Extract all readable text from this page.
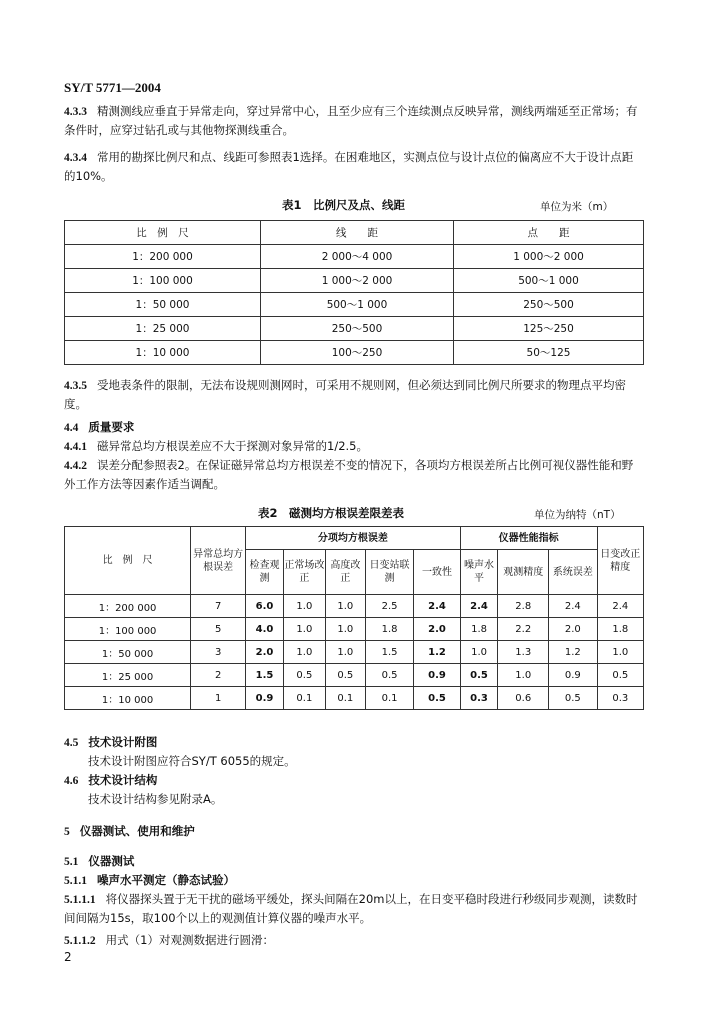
SY/T 5771—2004
4.3.3 精测测线应垂直于异常走向，穿过异常中心，且至少应有三个连续测点反映异常，测线两端延至正常场；有条件时，应穿过钻孔或与其他物探测线重合。
4.3.4 常用的勘探比例尺和点、线距可参照表1选择。在困难地区，实测点位与设计点位的偏离应不大于设计点距的10%。
表1　比例尺及点、线距	单位为米（m）
比　例　尺	线　　距	点　　距
1：200 000	2 000～4 000	1 000～2 000
1：100 000	1 000～2 000	500～1 000
1：50 000	500～1 000	250～500
1：25 000	250～500	125～250
1：10 000	100～250	50～125
4.3.5 受地表条件的限制，无法布设规则测网时，可采用不规则网，但必须达到同比例尺所要求的物理点平均密度。
4.4 质量要求
4.4.1 磁异常总均方根误差应不大于探测对象异常的1/2.5。
4.4.2 误差分配参照表2。在保证磁异常总均方根误差不变的情况下，各项均方根误差所占比例可视仪器性能和野外工作方法等因素作适当调配。
表2　磁测均方根误差限差表	单位为纳特（nT）
比　例　尺	异常总均方根误差	分项均方根误差					仪器性能指标			日变改正精度
		检查观测	正常场改正	高度改正	日变站联测	一致性	噪声水平	观测精度	系统误差	
1：200 000	7	6.0	1.0	1.0	2.5	2.4	2.4	2.8	2.4	2.4
1：100 000	5	4.0	1.0	1.0	1.8	2.0	1.8	2.2	2.0	1.8
1：50 000	3	2.0	1.0	1.0	1.5	1.2	1.0	1.3	1.2	1.0
1：25 000	2	1.5	0.5	0.5	0.5	0.9	0.5	1.0	0.9	0.5
1：10 000	1	0.9	0.1	0.1	0.1	0.5	0.3	0.6	0.5	0.3
4.5 技术设计附图
技术设计附图应符合SY/T 6055的规定。
4.6 技术设计结构
技术设计结构参见附录A。
5 仪器测试、使用和维护
5.1 仪器测试
5.1.1 噪声水平测定（静态试验）
5.1.1.1 将仪器探头置于无干扰的磁场平缓处，探头间隔在20m以上，在日变平稳时段进行秒级同步观测，读数时间间隔为15s，取100个以上的观测值计算仪器的噪声水平。
5.1.1.2 用式（1）对观测数据进行圆滑：
2
